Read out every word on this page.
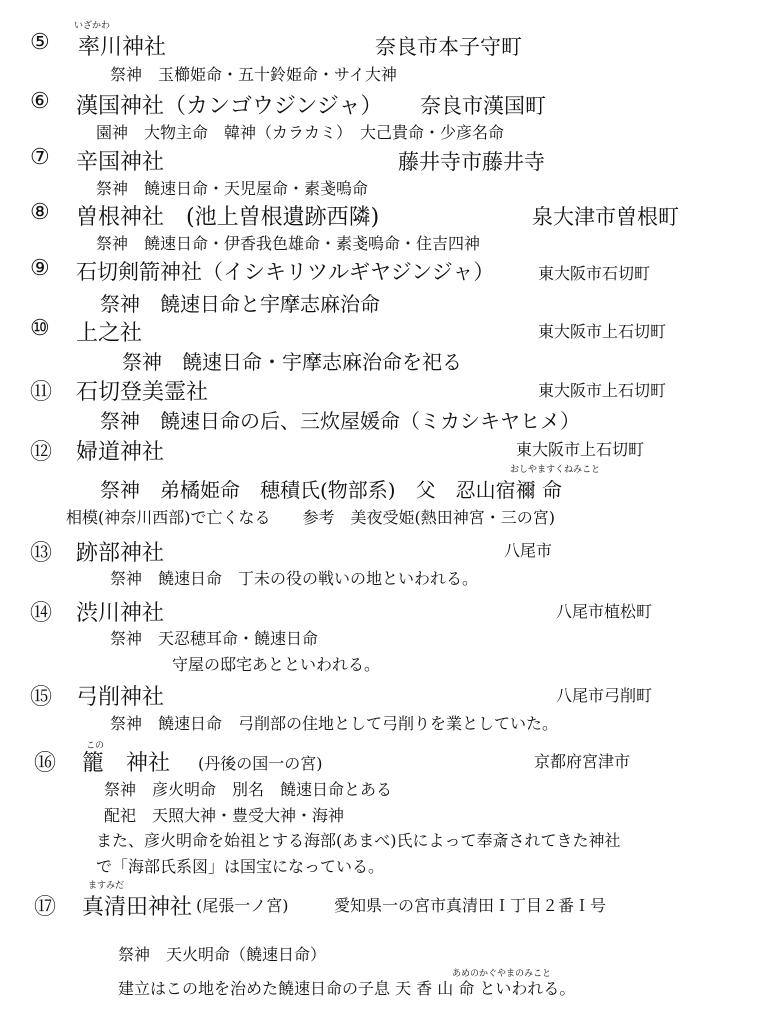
いざかわ
⑤ 率川神社	奈良市本子守町
祭神　玉櫛姫命・五十鈴姫命・サイ大神
⑥ 漢国神社（カンゴウジンジャ） 奈良市漢国町
園神　大物主命　韓神（カラカミ）　大己貴命・少彦名命
⑦ 辛国神社	藤井寺市藤井寺
祭神　饒速日命・天児屋命・素戔嗚命
⑧ 曽根神社　(池上曽根遺跡西隣)	泉大津市曽根町
祭神　饒速日命・伊香我色雄命・素戔嗚命・住吉四神
⑨ 石切剣箭神社（イシキリツルギヤジンジャ）	東大阪市石切町
祭神　饒速日命と宇摩志麻治命
⑩ 上之社	東大阪市上石切町
祭神　饒速日命・宇摩志麻治命を祀る
⑪ 石切登美霊社	東大阪市上石切町
祭神　饒速日命の后、三炊屋媛命（ミカシキヤヒメ）
⑫ 婦道神社	東大阪市上石切町
おしやますくねみこと
祭神　弟橘姫命　穂積氏(物部系)　父　忍山宿禰 命
相模(神奈川西部)で亡くなる　　参考　美夜受姫(熱田神宮・三の宮)
⑬ 跡部神社	八尾市
祭神　饒速日命　丁未の役の戦いの地といわれる。
⑭ 渋川神社	八尾市植松町
祭神　天忍穂耳命・饒速日命
守屋の邸宅あとといわれる。
⑮ 弓削神社	八尾市弓削町
祭神　饒速日命　弓削部の住地として弓削りを業としていた。
この
⑯ 籠　神社 (丹後の国一の宮)	京都府宮津市
祭神　彦火明命　別名　饒速日命とある
配祀　天照大神・豊受大神・海神
また、彦火明命を始祖とする海部(あまべ)氏によって奉斎されてきた神社
で「海部氏系図」は国宝になっている。
ますみだ
⑰ 真清田神社 (尾張一ノ宮)	愛知県一の宮市真清田Ｉ丁目２番Ｉ号
祭神　天火明命（饒速日命）
あめのかぐやまのみこと
建立はこの地を治めた饒速日命の子息 天 香 山 命 といわれる。
